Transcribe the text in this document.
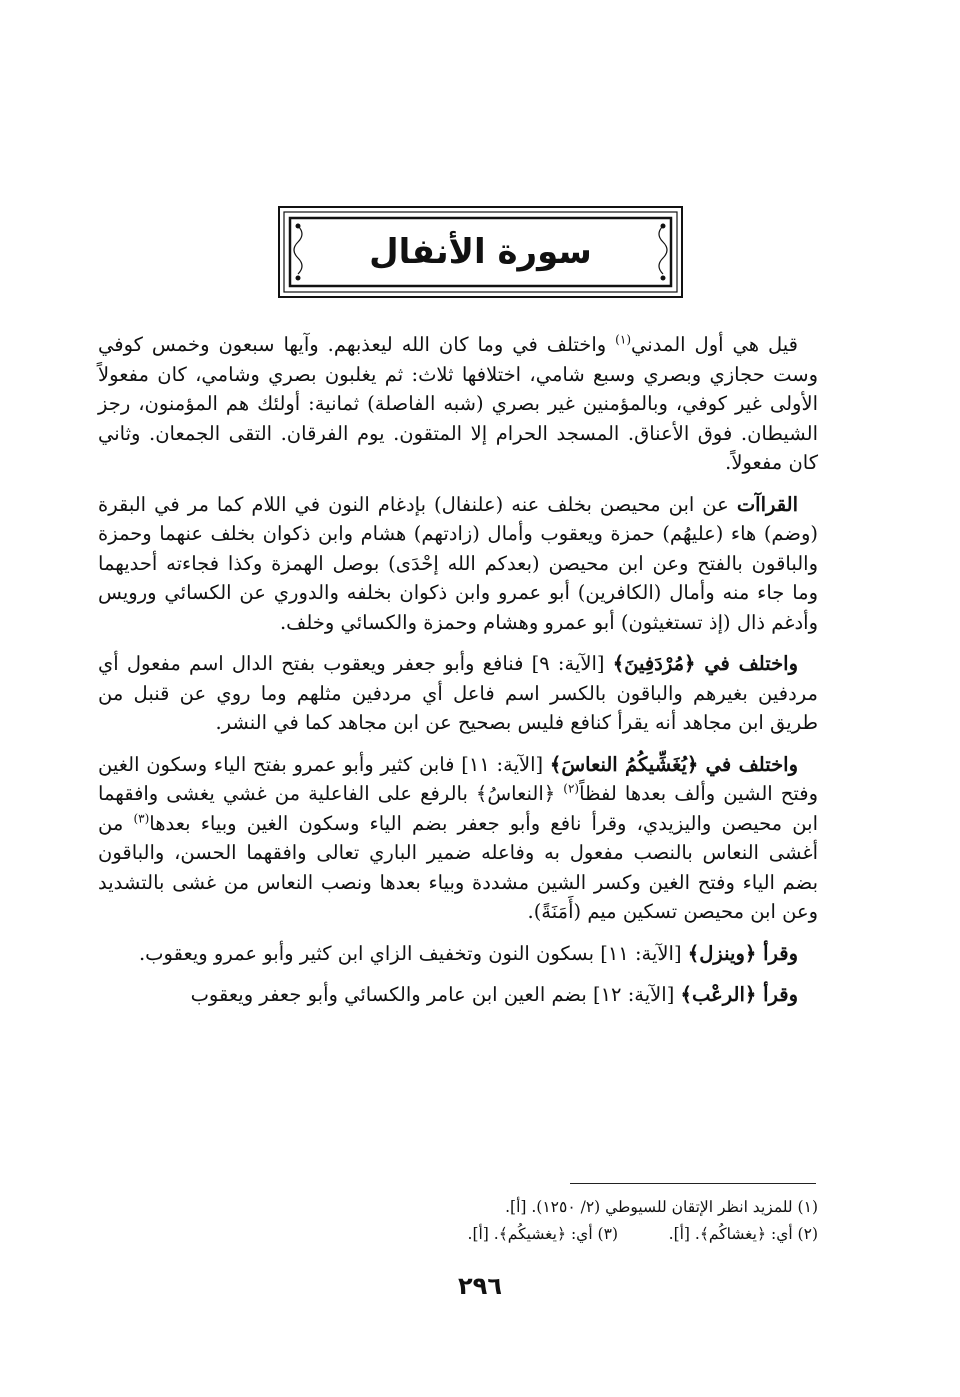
سورة الأنفال

قيل هي أول المدني$^{(١)}$ واختلف في وما كان الله ليعذبهم. وآيها سبعون وخمس كوفي وست حجازي وبصري وسبع شامي، اختلافها ثلاث: ثم يغلبون بصري وشامي، كان مفعولاً الأولى غير كوفي، وبالمؤمنين غير بصري (شبه الفاصلة) ثمانية: أولئك هم المؤمنون، رجز الشيطان. فوق الأعناق. المسجد الحرام إلا المتقون. يوم الفرقان. التقى الجمعان. وثاني كان مفعولاً.

القراآت عن ابن محيصن بخلف عنه (علنفال) بإدغام النون في اللام كما مر في البقرة (وضم) هاء (عليهُم) حمزة ويعقوب وأمال (زادتهم) هشام وابن ذكوان بخلف عنهما وحمزة والباقون بالفتح وعن ابن محيصن (بعدكم الله إحْدَى) بوصل الهمزة وكذا فجاءته أحديهما وما جاء منه وأمال (الكافرين) أبو عمرو وابن ذكوان بخلفه والدوري عن الكسائي ورويس وأدغم ذال (إذ تستغيثون) أبو عمرو وهشام وحمزة والكسائي وخلف.

واختلف في ﴿مُرْدَفِينَ﴾ [الآية: ٩] فنافع وأبو جعفر ويعقوب بفتح الدال اسم مفعول أي مردفين بغيرهم والباقون بالكسر اسم فاعل أي مردفين مثلهم وما روي عن قنبل من طريق ابن مجاهد أنه يقرأ كنافع فليس بصحيح عن ابن مجاهد كما في النشر.

واختلف في ﴿يُغَشِّيكُمُ النعاسَ﴾ [الآية: ١١] فابن كثير وأبو عمرو بفتح الياء وسكون الغين وفتح الشين وألف بعدها لفظاً$^{(٢)}$ ﴿النعاسُ﴾ بالرفع على الفاعلية من غشي يغشى وافقهما ابن محيصن واليزيدي، وقرأ نافع وأبو جعفر بضم الياء وسكون الغين وبياء بعدها$^{(٣)}$ من أغشى النعاس بالنصب مفعول به وفاعله ضمير الباري تعالى وافقهما الحسن، والباقون بضم الياء وفتح الغين وكسر الشين مشددة وبياء بعدها ونصب النعاس من غشى بالتشديد وعن ابن محيصن تسكين ميم (أَمَنَةً).

وقرأ ﴿وينزل﴾ [الآية: ١١] بسكون النون وتخفيف الزاي ابن كثير وأبو عمرو ويعقوب.

وقرأ ﴿الرعْب﴾ [الآية: ١٢] بضم العين ابن عامر والكسائي وأبو جعفر ويعقوب

(١) للمزيد انظر الإتقان للسيوطي (٢/ ١٢٥٠). [أ].
(٢) أي: ﴿يغشاكُم﴾. [أ].
(٣) أي: ﴿يغشيكُم﴾. [أ].
٢٩٦
